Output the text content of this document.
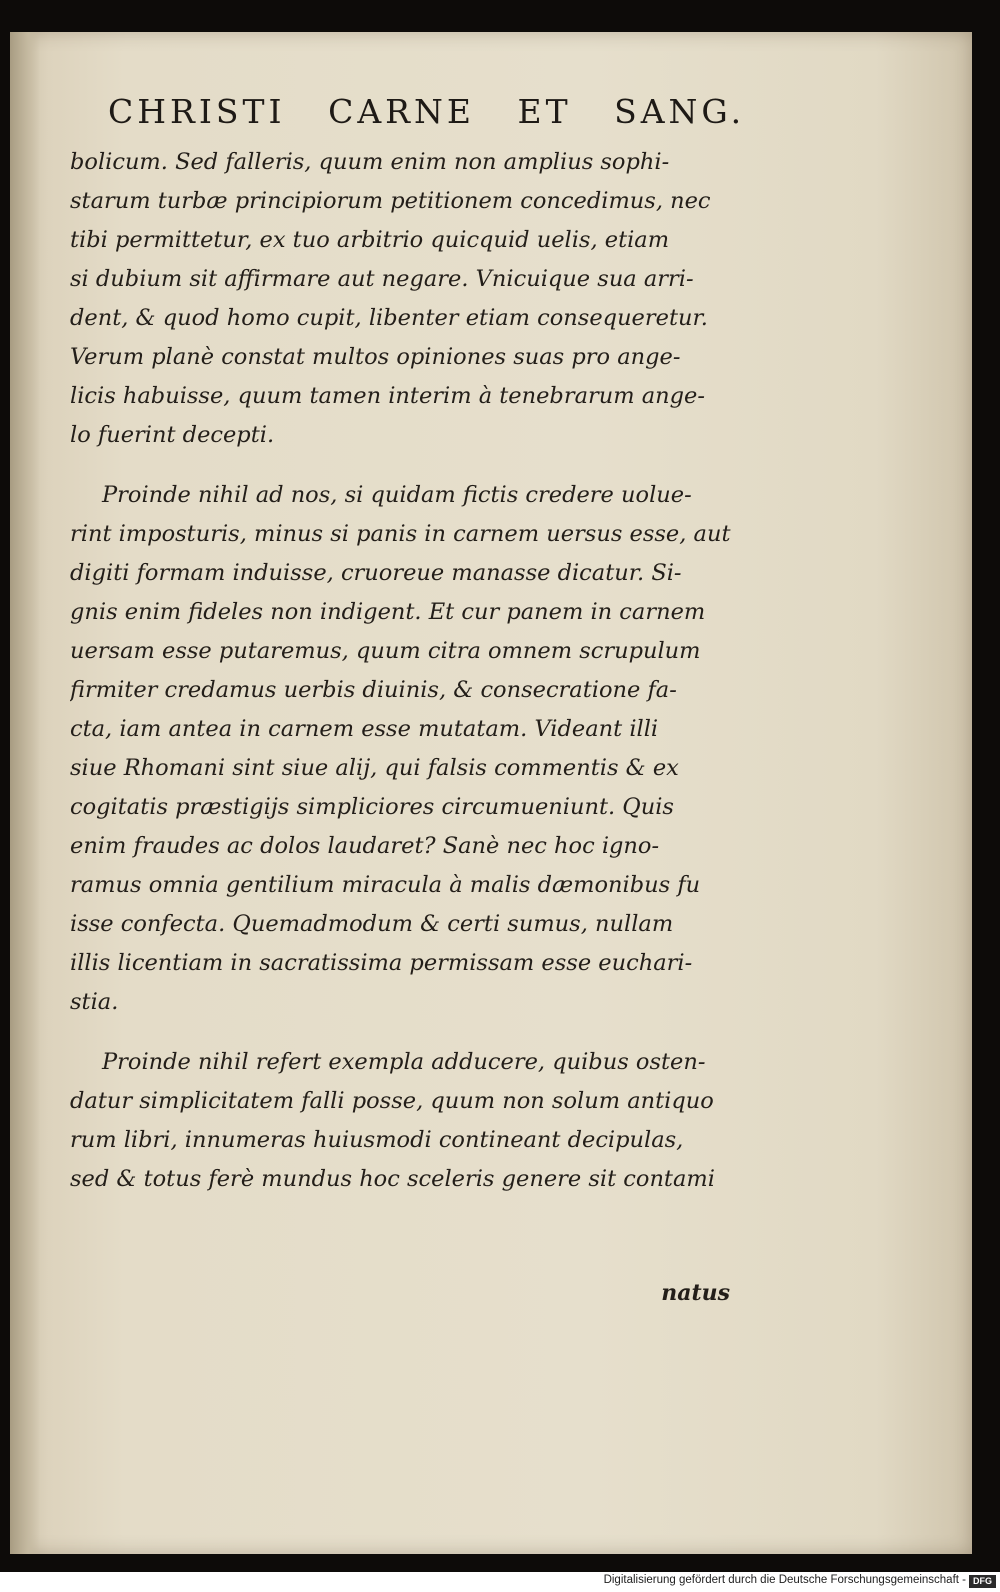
CHRISTI CARNE ET SANG.
bolicum. Sed falleris, quum enim non amplius sophi-
starum turbæ principiorum petitionem concedimus, nec
tibi permittetur, ex tuo arbitrio quicquid uelis, etiam
si dubium sit affirmare aut negare. Vnicuique sua arri-
dent, & quod homo cupit, libenter etiam consequeretur.
Verum planè constat multos opiniones suas pro ange-
licis habuisse, quum tamen interim à tenebrarum ange-
lo fuerint decepti.
Proinde nihil ad nos, si quidam fictis credere uolue-
rint imposturis, minus si panis in carnem uersus esse, aut
digiti formam induisse, cruoreue manasse dicatur. Si-
gnis enim fideles non indigent. Et cur panem in carnem
uersam esse putaremus, quum citra omnem scrupulum
firmiter credamus uerbis diuinis, & consecratione fa-
cta, iam antea in carnem esse mutatam. Videant illi
siue Rhomani sint siue alij, qui falsis commentis & ex
cogitatis præstigijs simpliciores circumueniunt. Quis
enim fraudes ac dolos laudaret? Sanè nec hoc igno-
ramus omnia gentilium miracula à malis dæmonibus fu
isse confecta. Quemadmodum & certi sumus, nullam
illis licentiam in sacratissima permissam esse euchari-
stia.
Proinde nihil refert exempla adducere, quibus osten-
datur simplicitatem falli posse, quum non solum antiquo
rum libri, innumeras huiusmodi contineant decipulas,
sed & totus ferè mundus hoc sceleris genere sit contami
natus
Digitalisierung gefördert durch die Deutsche Forschungsgemeinschaft - DFG
